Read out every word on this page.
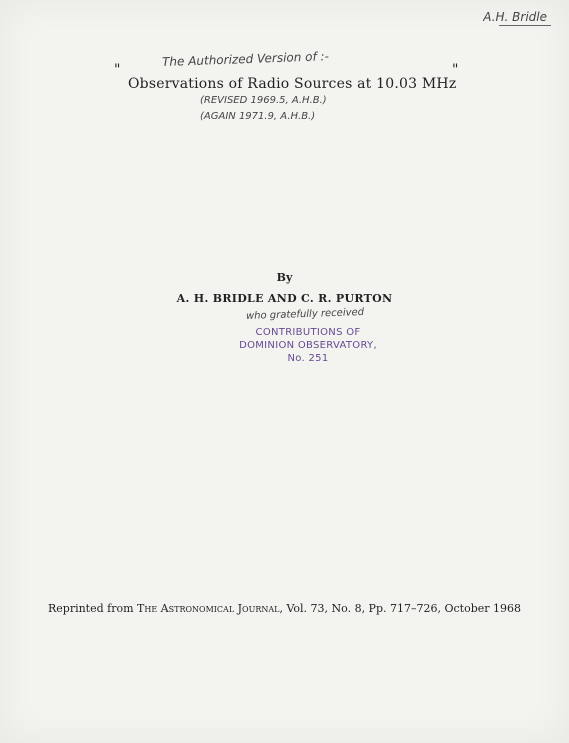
A.H. Bridle
The Authorized Version of :-
"
Observations of Radio Sources at 10.03 MHz
"
(REVISED 1969.5, A.H.B.)
(AGAIN 1971.9, A.H.B.)
By
A. H. BRIDLE AND C. R. PURTON
who gratefully received
CONTRIBUTIONS OF
DOMINION OBSERVATORY,
No. 251
Reprinted from The Astronomical Journal, Vol. 73, No. 8, Pp. 717–726, October 1968
